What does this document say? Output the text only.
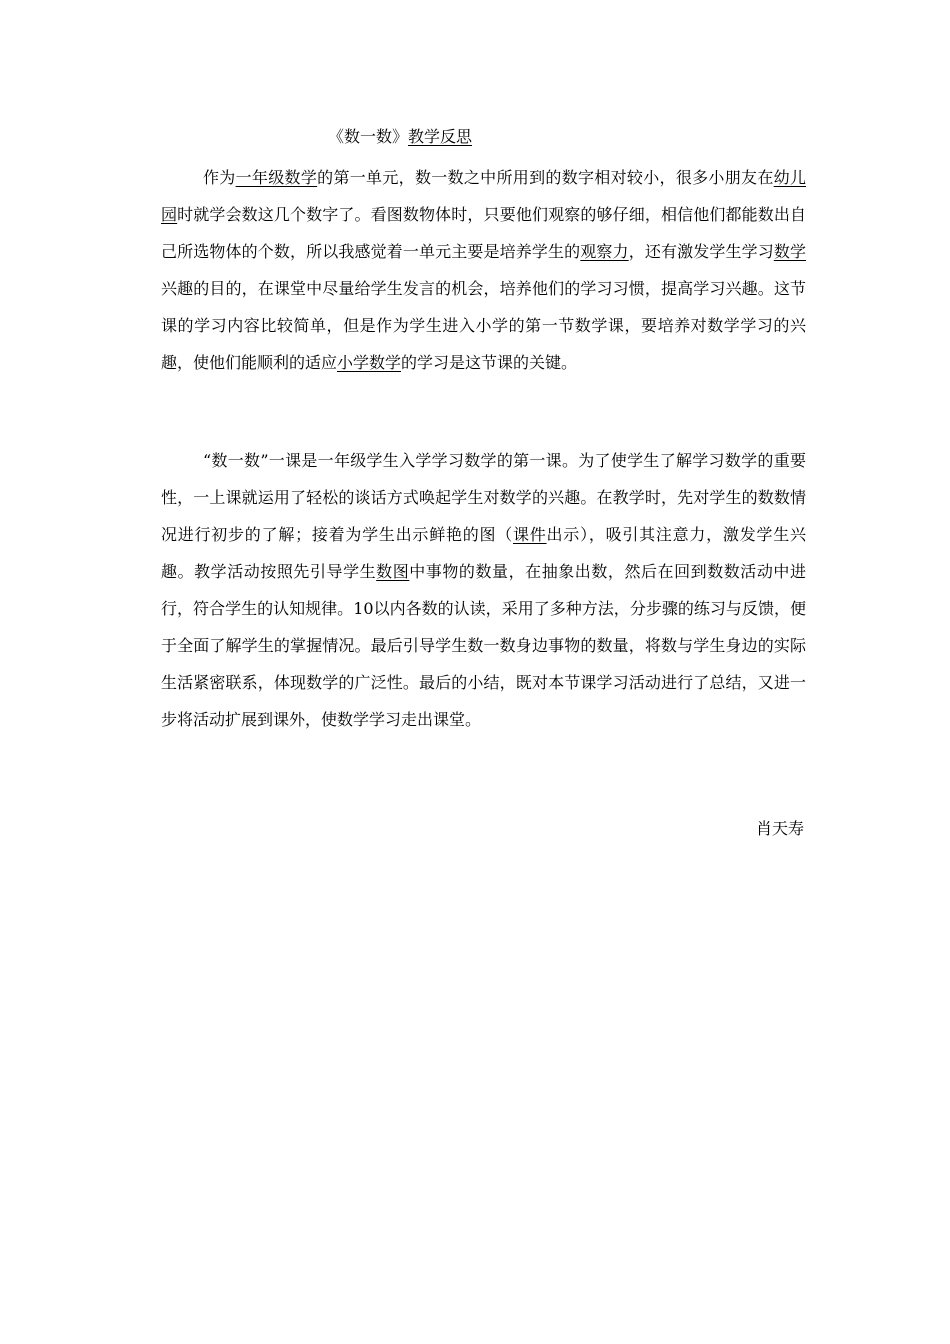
《数一数》教学反思

作为一年级数学的第一单元，数一数之中所用到的数字相对较小，很多小朋友在幼儿园时就学会数这几个数字了。看图数物体时，只要他们观察的够仔细，相信他们都能数出自己所选物体的个数，所以我感觉着一单元主要是培养学生的观察力，还有激发学生学习数学兴趣的目的，在课堂中尽量给学生发言的机会，培养他们的学习习惯，提高学习兴趣。这节课的学习内容比较简单，但是作为学生进入小学的第一节数学课，要培养对数学学习的兴趣，使他们能顺利的适应小学数学的学习是这节课的关键。

“数一数”一课是一年级学生入学学习数学的第一课。为了使学生了解学习数学的重要性，一上课就运用了轻松的谈话方式唤起学生对数学的兴趣。在教学时，先对学生的数数情况进行初步的了解；接着为学生出示鲜艳的图（课件出示），吸引其注意力，激发学生兴趣。教学活动按照先引导学生数图中事物的数量，在抽象出数，然后在回到数数活动中进行，符合学生的认知规律。10以内各数的认读，采用了多种方法，分步骤的练习与反馈，便于全面了解学生的掌握情况。最后引导学生数一数身边事物的数量，将数与学生身边的实际生活紧密联系，体现数学的广泛性。最后的小结，既对本节课学习活动进行了总结，又进一步将活动扩展到课外，使数学学习走出课堂。

肖天寿
